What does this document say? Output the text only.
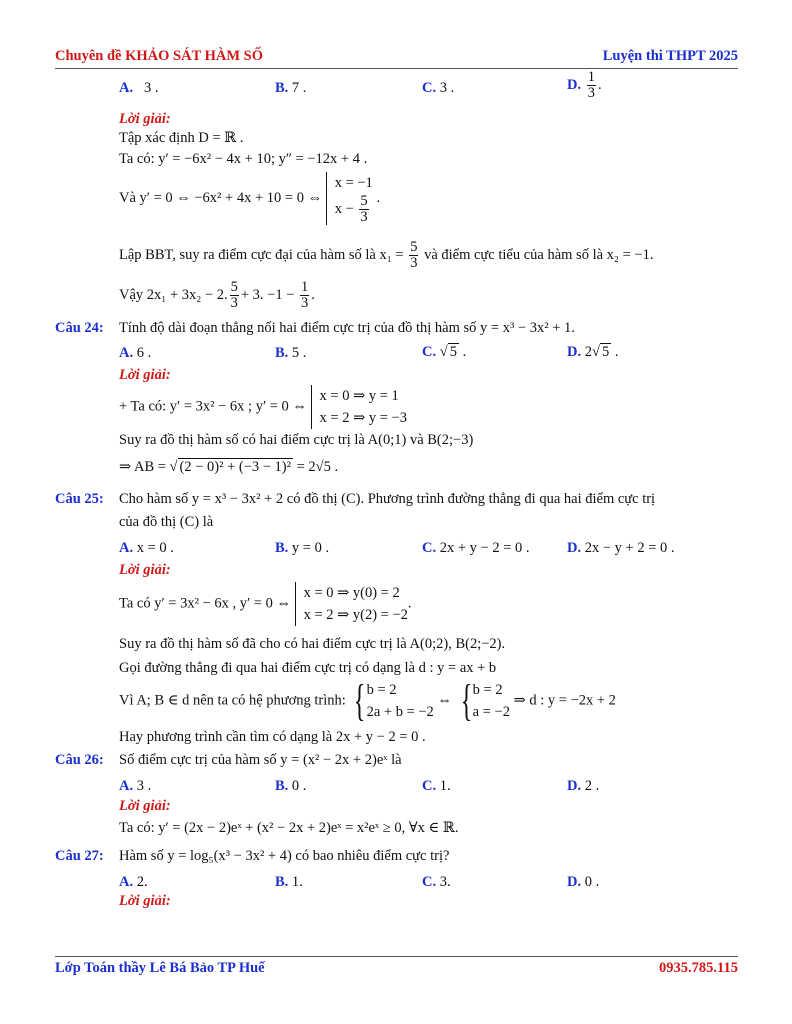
Chuyên đề KHẢO SÁT HÀM SỐ	Luyện thi THPT 2025
A. 3 .	B. 7 .	C. 3 .	D. $\frac{1}{3}$ .
Lời giải:
Tập xác định D = ℝ .
Ta có: y′ = −6x² − 4x + 10; y″ = −12x + 4 .
Và y′ = 0 ⇔ −6x² + 4x + 10 = 0 ⇔
x = −1
$x - \frac{5}{3}$ .
Lập BBT, suy ra điểm cực đại của hàm số là $x_1 = \frac{5}{3}$ và điểm cực tiểu của hàm số là x₂ = −1.
Vậy 2x₁ + 3x₂ − 2. $\frac{5}{3} + 3$. $-1 - \frac{1}{3}$ .
Câu 24: Tính độ dài đoạn thẳng nối hai điểm cực trị của đồ thị hàm số y = x³ − 3x² + 1.
A. 6 .	B. 5 .	C. √ 5 .	D. 2√ 5 .
Lời giải:
+ Ta có: y′ = 3x² − 6x ; y′ = 0 ⇔
x = 0 ⇒ y = 1
x = 2 ⇒ y = −3
Suy ra đồ thị hàm số có hai điểm cực trị là A(0;1) và B(2;−3)
⇒ AB = √ (2 − 0)² + (−3 − 1)² = 2√5 .
Câu 25: Cho hàm số y = x³ − 3x² + 2 có đồ thị (C). Phương trình đường thẳng đi qua hai điểm cực trị
của đồ thị (C) là
A. x = 0 .	B. y = 0 .	C. 2x + y − 2 = 0 .	D. 2x − y + 2 = 0 .
Lời giải:
Ta có y′ = 3x² − 6x , y′ = 0 ⇔
x = 0 ⇒ y(0) = 2
x = 2 ⇒ y(2) = −2
.
Suy ra đồ thị hàm số đã cho có hai điểm cực trị là A(0;2), B(2;−2).
Gọi đường thẳng đi qua hai điểm cực trị có dạng là d : y = ax + b
Vì A; B ∈ d nên ta có hệ phương trình: { b = 2
2a + b = −2
⇔ { b = 2
a = −2
⇒ d : y = −2x + 2
Hay phương trình cần tìm có dạng là 2x + y − 2 = 0 .
Câu 26: Số điểm cực trị của hàm số y = (x² − 2x + 2)eˣ là
A. 3 .	B. 0 .	C. 1.	D. 2 .
Lời giải:
Ta có: y′ = (2x − 2)eˣ + (x² − 2x + 2)eˣ = x²eˣ ≥ 0, ∀x ∈ ℝ.
Câu 27: Hàm số y = log₅(x³ − 3x² + 4) có bao nhiêu điểm cực trị?
A. 2.	B. 1.	C. 3.	D. 0 .
Lời giải:
Lớp Toán thầy Lê Bá Bảo TP Huế	0935.785.115
